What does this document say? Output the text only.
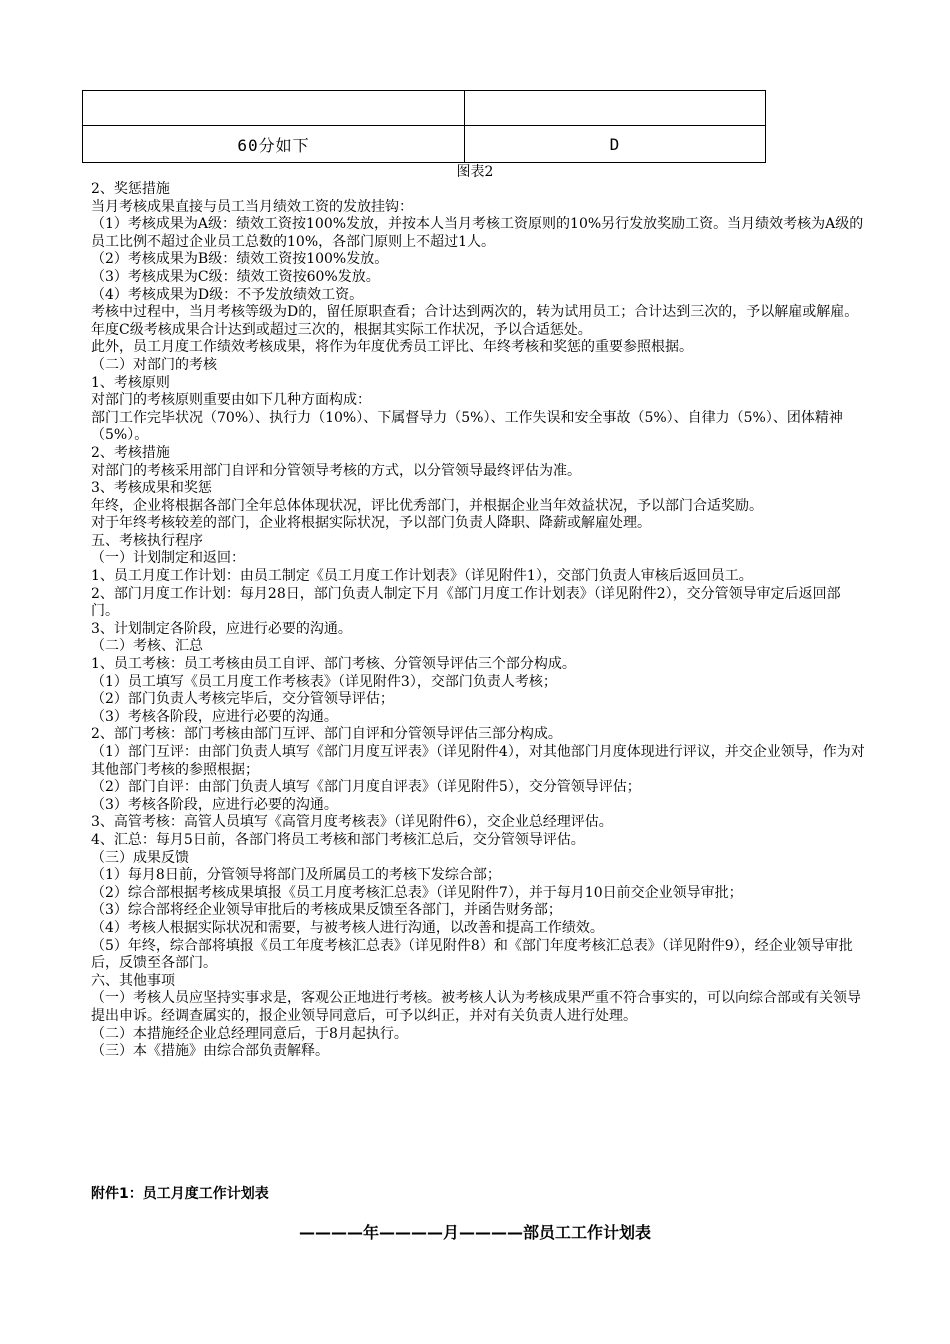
60分如下	D
图表2

2、奖惩措施

当月考核成果直接与员工当月绩效工资的发放挂钩：

（1）考核成果为A级：绩效工资按100%发放，并按本人当月考核工资原则的10%另行发放奖励工资。当月绩效考核为A级的员工比例不超过企业员工总数的10%，各部门原则上不超过1人。

（2）考核成果为B级：绩效工资按100%发放。

（3）考核成果为C级：绩效工资按60%发放。

（4）考核成果为D级：不予发放绩效工资。

考核中过程中，当月考核等级为D的，留任原职查看；合计达到两次的，转为试用员工；合计达到三次的，予以解雇或解雇。年度C级考核成果合计达到或超过三次的，根据其实际工作状况，予以合适惩处。

此外，员工月度工作绩效考核成果，将作为年度优秀员工评比、年终考核和奖惩的重要参照根据。

（二）对部门的考核

1、考核原则

对部门的考核原则重要由如下几种方面构成：

部门工作完毕状况（70%）、执行力（10%）、下属督导力（5%）、工作失误和安全事故（5%）、自律力（5%）、团体精神（5%）。

2、考核措施

对部门的考核采用部门自评和分管领导考核的方式，以分管领导最终评估为准。

3、考核成果和奖惩

年终，企业将根据各部门全年总体体现状况，评比优秀部门，并根据企业当年效益状况，予以部门合适奖励。

对于年终考核较差的部门，企业将根据实际状况，予以部门负责人降职、降薪或解雇处理。

五、考核执行程序

（一）计划制定和返回：

1、员工月度工作计划：由员工制定《员工月度工作计划表》（详见附件1），交部门负责人审核后返回员工。

2、部门月度工作计划：每月28日，部门负责人制定下月《部门月度工作计划表》（详见附件2），交分管领导审定后返回部门。

3、计划制定各阶段，应进行必要的沟通。

（二）考核、汇总

1、员工考核：员工考核由员工自评、部门考核、分管领导评估三个部分构成。

（1）员工填写《员工月度工作考核表》（详见附件3），交部门负责人考核；

（2）部门负责人考核完毕后，交分管领导评估；

（3）考核各阶段，应进行必要的沟通。

2、部门考核：部门考核由部门互评、部门自评和分管领导评估三部分构成。

（1）部门互评：由部门负责人填写《部门月度互评表》（详见附件4），对其他部门月度体现进行评议，并交企业领导，作为对其他部门考核的参照根据；

（2）部门自评：由部门负责人填写《部门月度自评表》（详见附件5），交分管领导评估；

（3）考核各阶段，应进行必要的沟通。

3、高管考核：高管人员填写《高管月度考核表》（详见附件6），交企业总经理评估。

4、汇总：每月5日前，各部门将员工考核和部门考核汇总后，交分管领导评估。

（三）成果反馈

（1）每月8日前，分管领导将部门及所属员工的考核下发综合部；

（2）综合部根据考核成果填报《员工月度考核汇总表》（详见附件7），并于每月10日前交企业领导审批；

（3）综合部将经企业领导审批后的考核成果反馈至各部门，并函告财务部；

（4）考核人根据实际状况和需要，与被考核人进行沟通，以改善和提高工作绩效。

（5）年终，综合部将填报《员工年度考核汇总表》（详见附件8）和《部门年度考核汇总表》（详见附件9），经企业领导审批后，反馈至各部门。

六、其他事项

（一）考核人员应坚持实事求是，客观公正地进行考核。被考核人认为考核成果严重不符合事实的，可以向综合部或有关领导提出申诉。经调查属实的，报企业领导同意后，可予以纠正，并对有关负责人进行处理。

（二）本措施经企业总经理同意后，于8月起执行。

（三）本《措施》由综合部负责解释。

附件1：员工月度工作计划表
————年————月————部员工工作计划表
